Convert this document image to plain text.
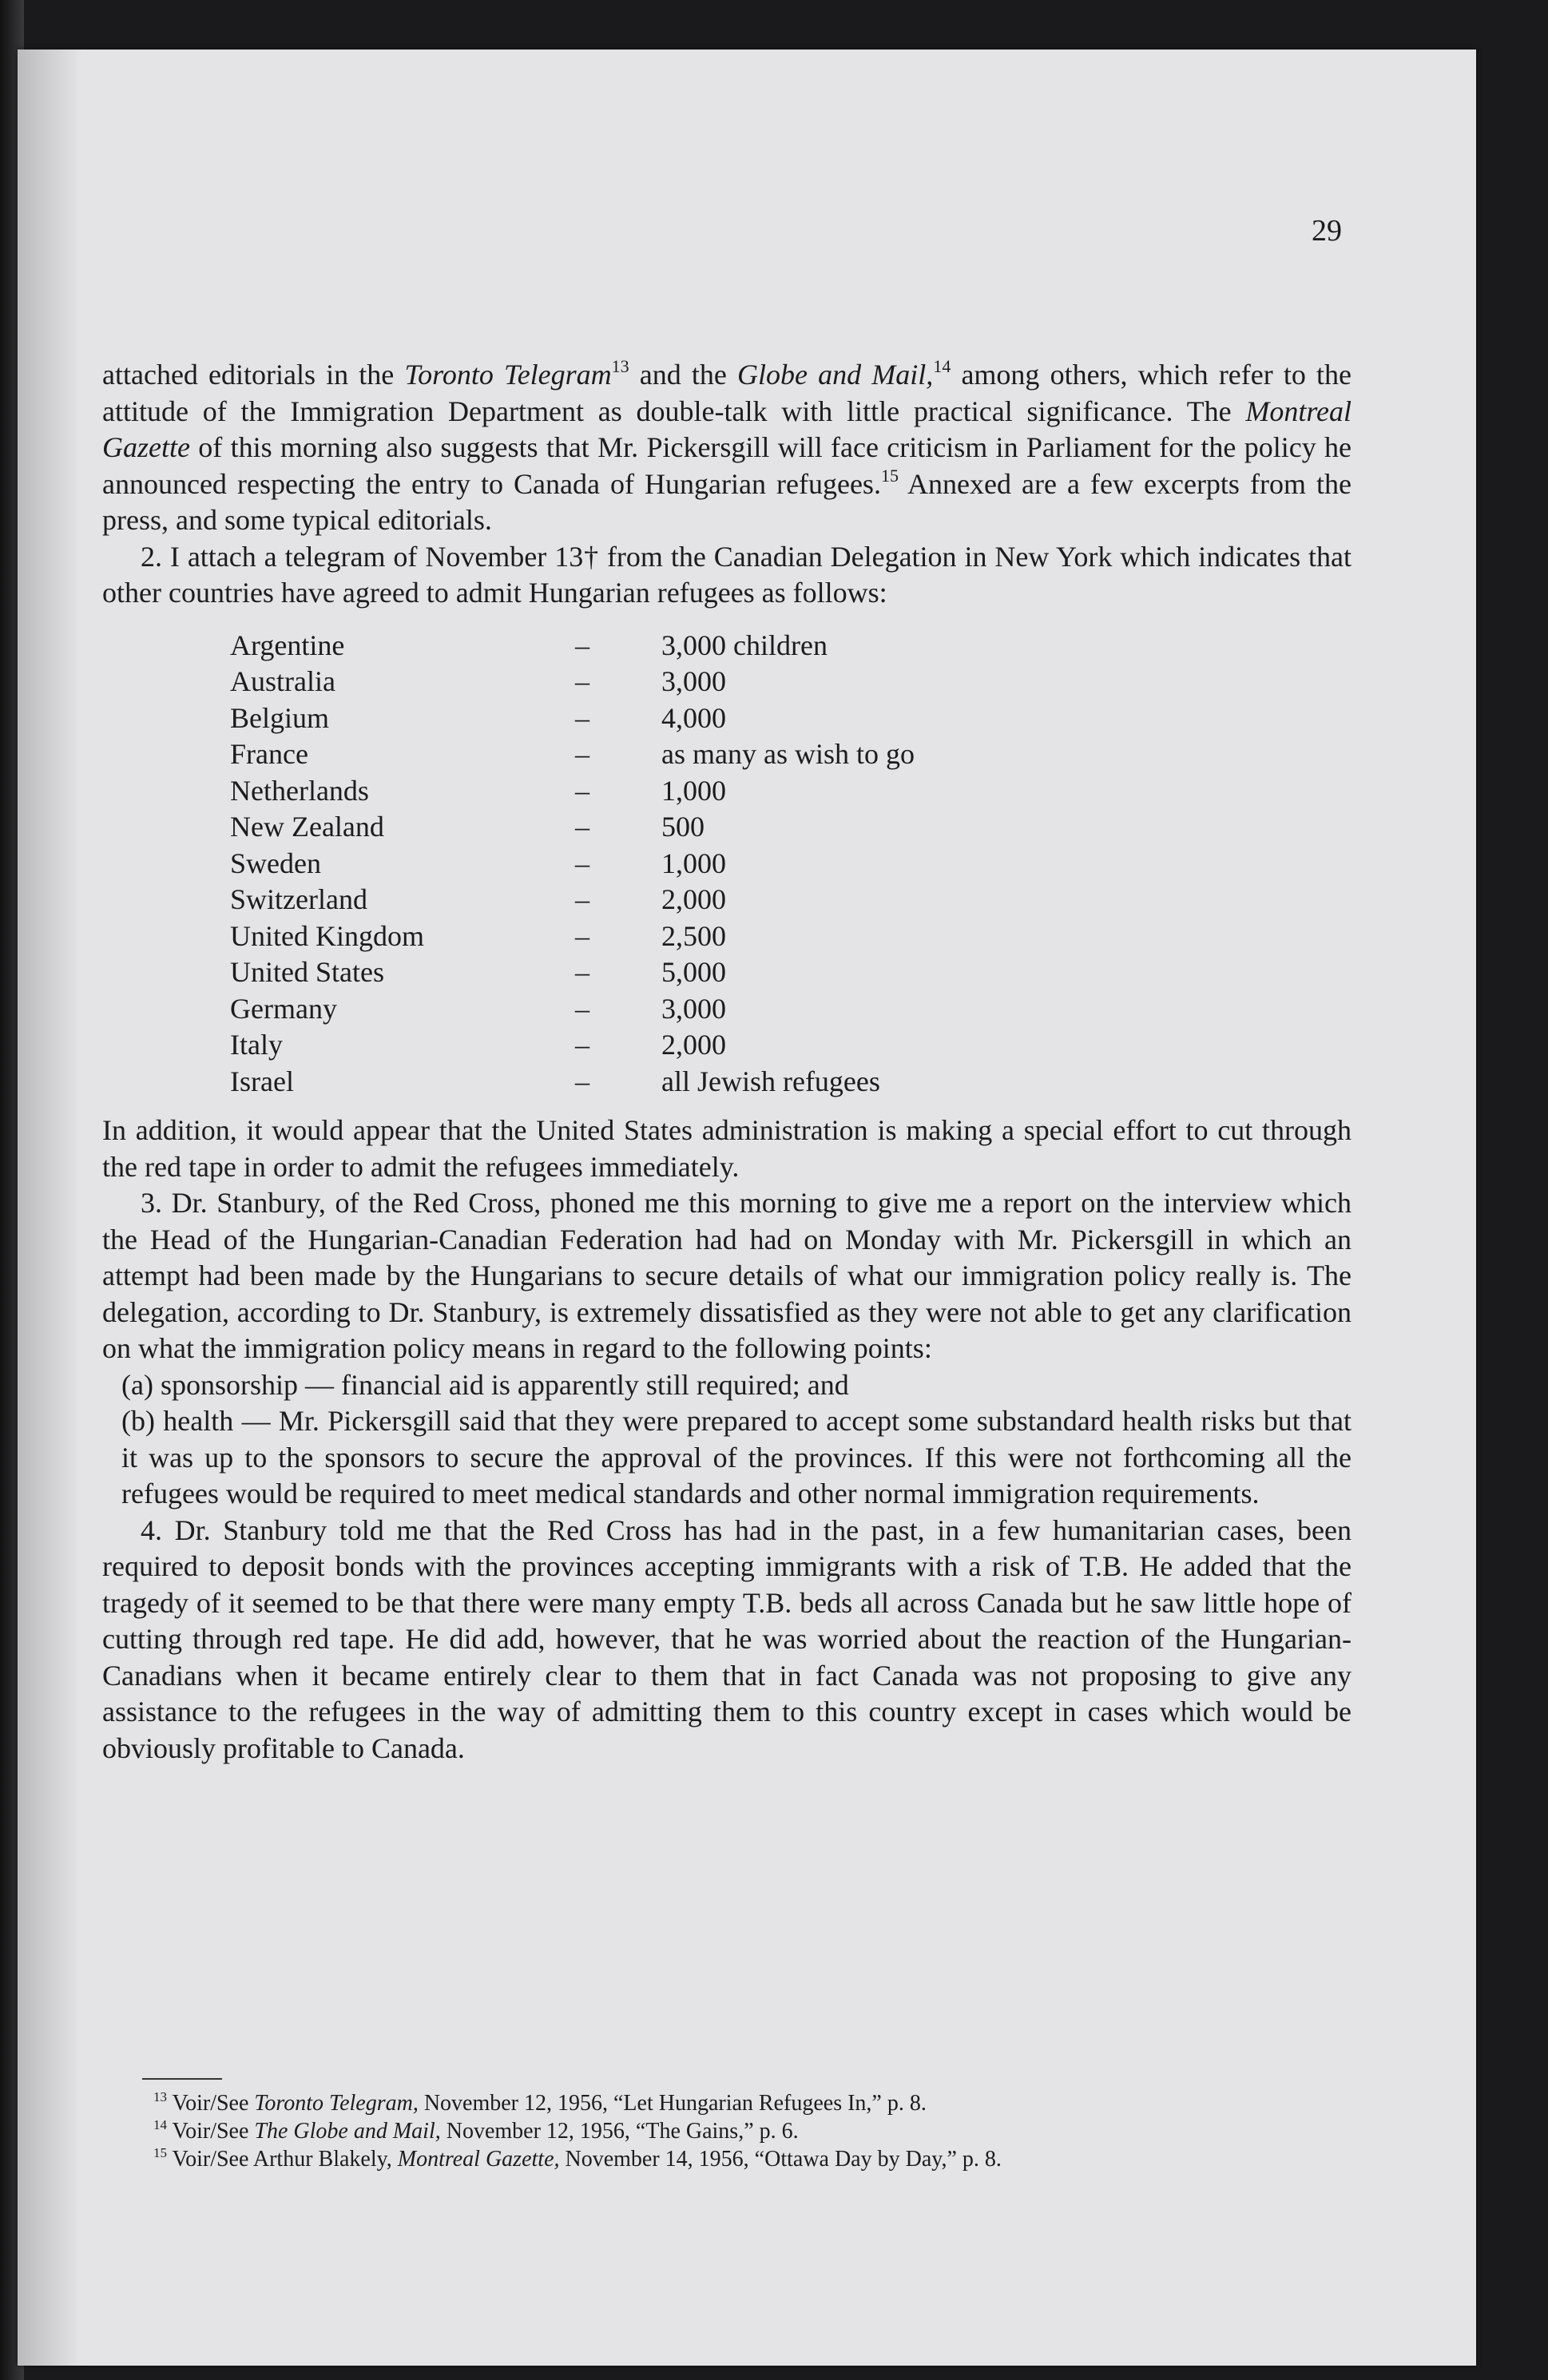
29

attached editorials in the Toronto Telegram$^{13}$ and the Globe and Mail,$^{14}$ among others, which refer to the attitude of the Immigration Department as double-talk with little practical significance. The Montreal Gazette of this morning also suggests that Mr. Pickersgill will face criticism in Parliament for the policy he announced respecting the entry to Canada of Hungarian refugees.$^{15}$ Annexed are a few excerpts from the press, and some typical editorials.

2. I attach a telegram of November 13† from the Canadian Delegation in New York which indicates that other countries have agreed to admit Hungarian refugees as follows:

Argentine	–	3,000 children
Australia	–	3,000
Belgium	–	4,000
France	–	as many as wish to go
Netherlands	–	1,000
New Zealand	–	500
Sweden	–	1,000
Switzerland	–	2,000
United Kingdom	–	2,500
United States	–	5,000
Germany	–	3,000
Italy	–	2,000
Israel	–	all Jewish refugees

In addition, it would appear that the United States administration is making a special effort to cut through the red tape in order to admit the refugees immediately.

3. Dr. Stanbury, of the Red Cross, phoned me this morning to give me a report on the interview which the Head of the Hungarian-Canadian Federation had had on Monday with Mr. Pickersgill in which an attempt had been made by the Hungarians to secure details of what our immigration policy really is. The delegation, according to Dr. Stanbury, is extremely dissatisfied as they were not able to get any clarification on what the immigration policy means in regard to the following points:

(a) sponsorship — financial aid is apparently still required; and

(b) health — Mr. Pickersgill said that they were prepared to accept some substandard health risks but that it was up to the sponsors to secure the approval of the provinces. If this were not forthcoming all the refugees would be required to meet medical standards and other normal immigration requirements.

4. Dr. Stanbury told me that the Red Cross has had in the past, in a few humanitarian cases, been required to deposit bonds with the provinces accepting immigrants with a risk of T.B. He added that the tragedy of it seemed to be that there were many empty T.B. beds all across Canada but he saw little hope of cutting through red tape. He did add, however, that he was worried about the reaction of the Hungarian-Canadians when it became entirely clear to them that in fact Canada was not proposing to give any assistance to the refugees in the way of admitting them to this country except in cases which would be obviously profitable to Canada.

$^{13}$ Voir/See Toronto Telegram, November 12, 1956, “Let Hungarian Refugees In,” p. 8.

$^{14}$ Voir/See The Globe and Mail, November 12, 1956, “The Gains,” p. 6.

$^{15}$ Voir/See Arthur Blakely, Montreal Gazette, November 14, 1956, “Ottawa Day by Day,” p. 8.
